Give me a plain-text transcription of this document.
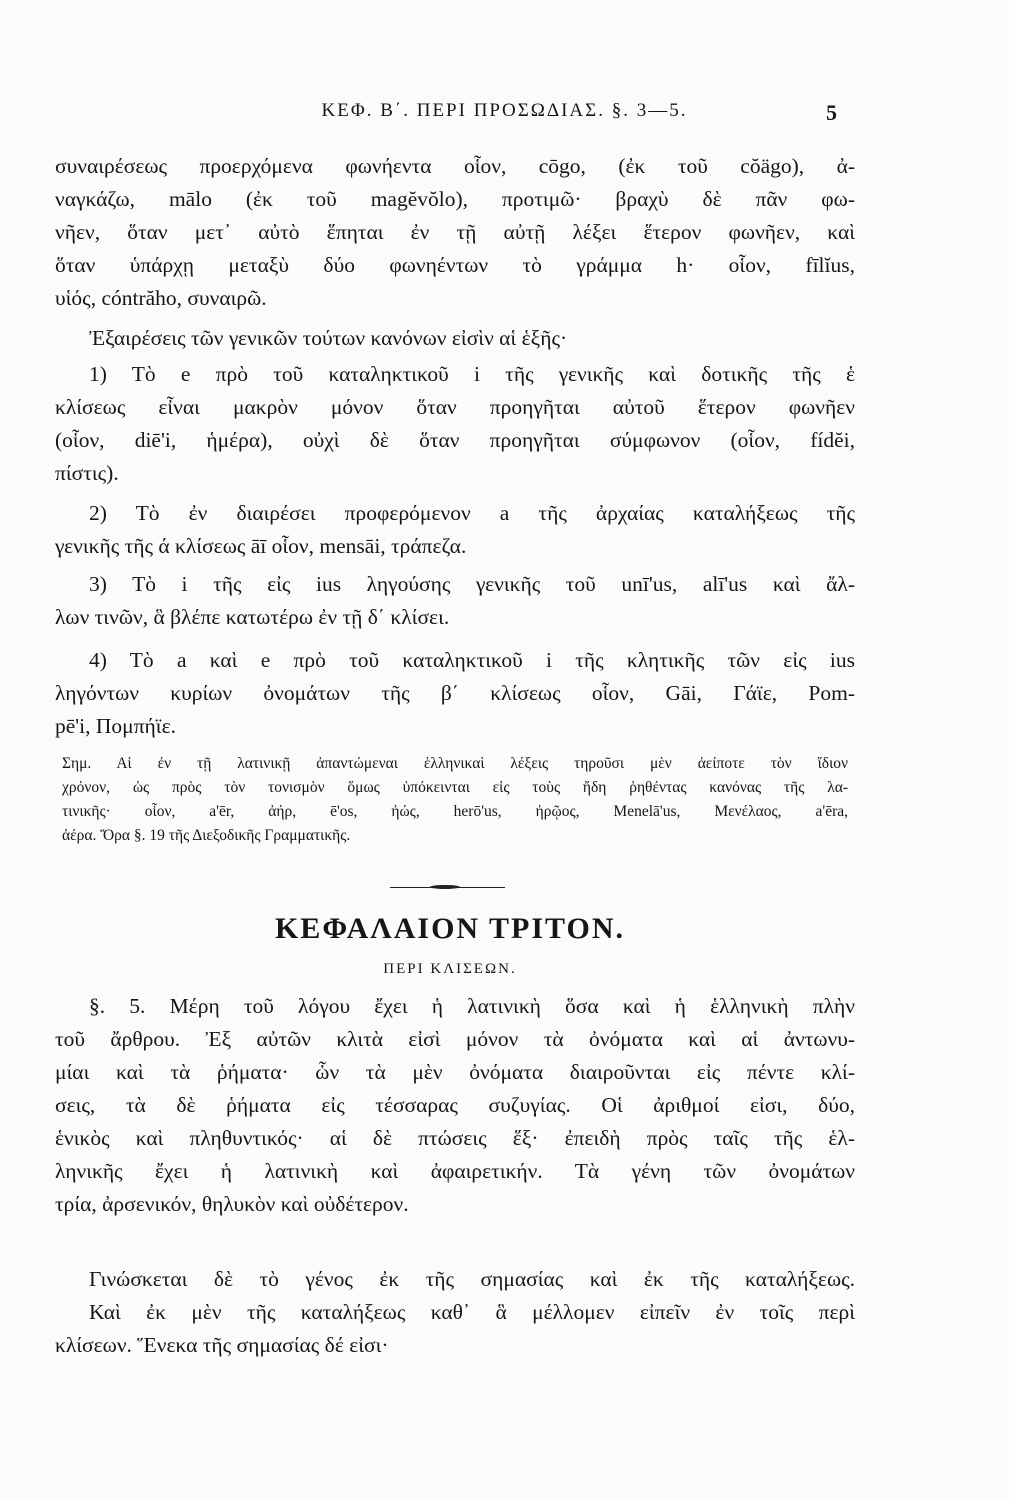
ΚΕΦ. Β΄. ΠΕΡΙ ΠΡΟΣΩΔΙΑΣ. §. 3—5.	5
συναιρέσεως προερχόμενα φωνήεντα οἷον, cōgo, (ἐκ τοῦ cŏägo), ἀ-
ναγκάζω, mālo (ἐκ τοῦ magĕvŏlo), προτιμῶ· βραχὺ δὲ πᾶν φω-
νῆεν, ὅταν μετ᾽ αὐτὸ ἕπηται ἐν τῇ αὐτῇ λέξει ἕτερον φωνῆεν, καὶ
ὅταν ὑπάρχῃ μεταξὺ δύο φωνηέντων τὸ γράμμα h· οἷον, fīlĭus,
υἱός, cóntrăho, συναιρῶ.
Ἐξαιρέσεις τῶν γενικῶν τούτων κανόνων εἰσὶν αἱ ἑξῆς·
1) Τὸ e πρὸ τοῦ καταληκτικοῦ i τῆς γενικῆς καὶ δοτικῆς τῆς ἑ
κλίσεως εἶναι μακρὸν μόνον ὅταν προηγῆται αὐτοῦ ἕτερον φωνῆεν
(οἷον, diē'i, ἡμέρα), οὐχὶ δὲ ὅταν προηγῆται σύμφωνον (οἷον, fídĕi,
πίστις).
2) Τὸ ἐν διαιρέσει προφερόμενον a τῆς ἀρχαίας καταλήξεως τῆς
γενικῆς τῆς ά κλίσεως āī οἷον, mensāi, τράπεζα.
3) Τὸ i τῆς εἰς ius ληγούσης γενικῆς τοῦ unī'us, alī'us καὶ ἄλ-
λων τινῶν, ἃ βλέπε κατωτέρω ἐν τῇ δ΄ κλίσει.
4) Τὸ a καὶ e πρὸ τοῦ καταληκτικοῦ i τῆς κλητικῆς τῶν εἰς ius
ληγόντων κυρίων ὀνομάτων τῆς β΄ κλίσεως οἷον, Gāi, Γάϊε, Pom-
pē'i, Πομπήϊε.
Σημ. Αἱ ἐν τῇ λατινικῇ ἀπαντώμεναι ἑλληνικαὶ λέξεις τηροῦσι μὲν ἀείποτε τὸν ἴδιον
χρόνον, ὡς πρὸς τὸν τονισμὸν ὅμως ὑπόκεινται εἰς τοὺς ἤδη ῥηθέντας κανόνας τῆς λα-
τινικῆς· οἷον, a'ēr, ἀήρ, ē'os, ἠώς, herō'us, ἡρῷος, Menelā'us, Μενέλαος, a'ēra,
ἀέρα. Ὅρα §. 19 τῆς Διεξοδικῆς Γραμματικῆς.
ΚΕΦΑΛΑΙΟΝ ΤΡΙΤΟΝ.
ΠΕΡΙ ΚΛΙΣΕΩΝ.
§. 5. Μέρη τοῦ λόγου ἔχει ἡ λατινικὴ ὅσα καὶ ἡ ἑλληνικὴ πλὴν
τοῦ ἄρθρου. Ἐξ αὐτῶν κλιτὰ εἰσὶ μόνον τὰ ὀνόματα καὶ αἱ ἀντωνυ-
μίαι καὶ τὰ ῥήματα· ὧν τὰ μὲν ὀνόματα διαιροῦνται εἰς πέντε κλί-
σεις, τὰ δὲ ῥήματα εἰς τέσσαρας συζυγίας. Οἱ ἀριθμοί εἰσι, δύο,
ἑνικὸς καὶ πληθυντικός· αἱ δὲ πτώσεις ἕξ· ἐπειδὴ πρὸς ταῖς τῆς ἑλ-
ληνικῆς ἔχει ἡ λατινικὴ καὶ ἀφαιρετικήν. Τὰ γένη τῶν ὀνομάτων
τρία, ἀρσενικόν, θηλυκὸν καὶ οὐδέτερον.
Γινώσκεται δὲ τὸ γένος ἐκ τῆς σημασίας καὶ ἐκ τῆς καταλήξεως.
Καὶ ἐκ μὲν τῆς καταλήξεως καθ᾽ ἃ μέλλομεν εἰπεῖν ἐν τοῖς περὶ
κλίσεων. Ἕνεκα τῆς σημασίας δέ εἰσι·
